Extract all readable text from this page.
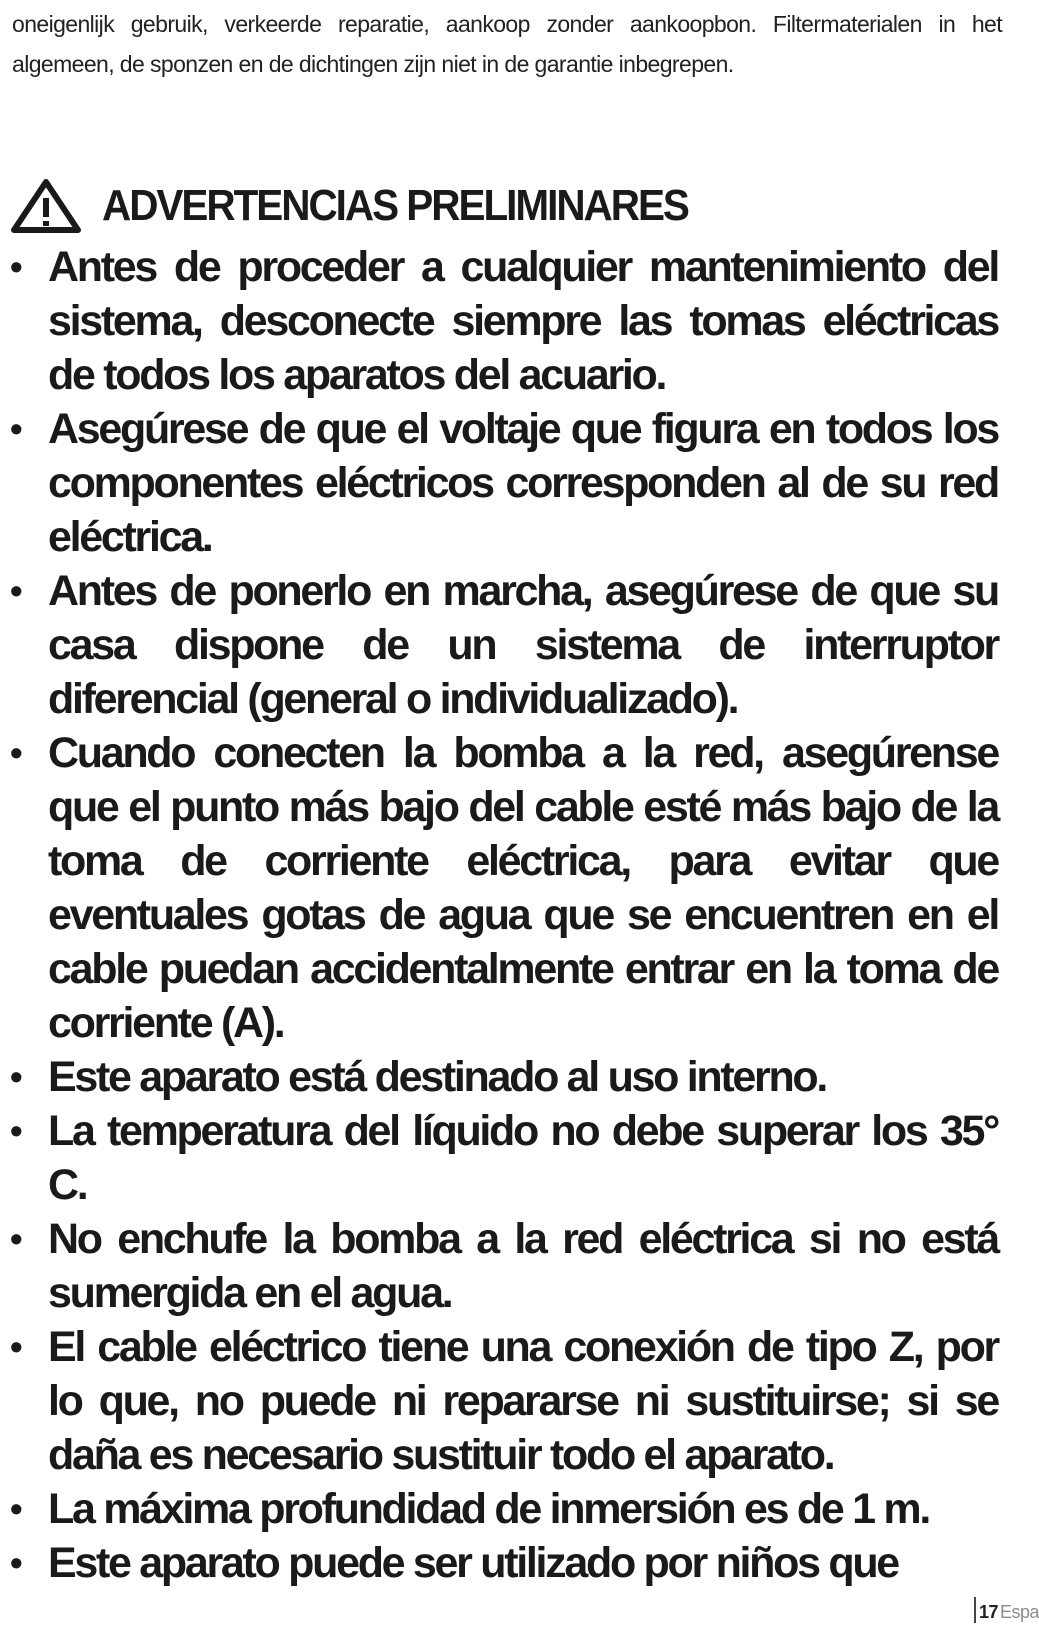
oneigenlijk gebruik, verkeerde reparatie, aankoop zonder aankoopbon. Filtermaterialen in het
algemeen, de sponzen en de dichtingen zijn niet in de garantie inbegrepen.
ADVERTENCIAS PRELIMINARES
• Antes de proceder a cualquier mantenimiento del sistema, desconecte siempre las tomas eléctricas de todos los aparatos del acuario.
• Asegúrese de que el voltaje que figura en todos los componentes eléctricos corresponden al de su red eléctrica.
• Antes de ponerlo en marcha, asegúrese de que su casa dispone de un sistema de interruptor diferencial (general o individualizado).
• Cuando conecten la bomba a la red, asegúrense que el punto más bajo del cable esté más bajo de la toma de corriente eléctrica, para evitar que eventuales gotas de agua que se encuentren en el cable puedan accidentalmente entrar en la toma de corriente (A).
• Este aparato está destinado al uso interno.
• La temperatura del líquido no debe superar los 35° C.
• No enchufe la bomba a la red eléctrica si no está sumergida en el agua.
• El cable eléctrico tiene una conexión de tipo Z, por lo que, no puede ni repararse ni sustituirse; si se daña es necesario sustituir todo el aparato.
• La máxima profundidad de inmersión es de 1 m.
• Este aparato puede ser utilizado por niños que
17 Espa
